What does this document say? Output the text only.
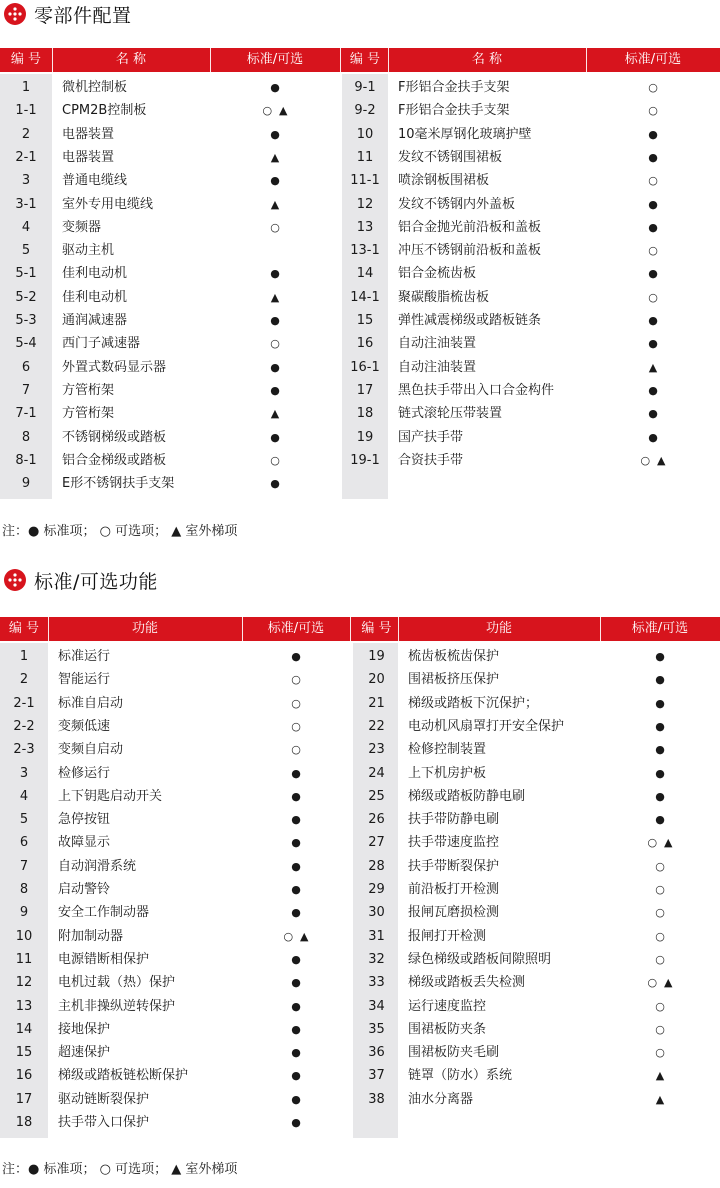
零部件配置
编 号	名 称	标准/可选	编 号	名 称	标准/可选
1	微机控制板	●
1-1	CPM2B控制板	○  ▲
2	电器装置	●
2-1	电器装置	▲
3	普通电缆线	●
3-1	室外专用电缆线	▲
4	变频器	○
5	驱动主机
5-1	佳利电动机	●
5-2	佳利电动机	▲
5-3	通润减速器	●
5-4	西门子减速器	○
6	外置式数码显示器	●
7	方管桁架	●
7-1	方管桁架	▲
8	不锈钢梯级或踏板	●
8-1	铝合金梯级或踏板	○
9	E形不锈钢扶手支架	●
9-1	F形铝合金扶手支架	○
9-2	F形铝合金扶手支架	○
10	10毫米厚钢化玻璃护壁	●
11	发纹不锈钢围裙板	●
11-1	喷涂钢板围裙板	○
12	发纹不锈钢内外盖板	●
13	铝合金抛光前沿板和盖板	●
13-1	冲压不锈钢前沿板和盖板	○
14	铝合金梳齿板	●
14-1	聚碳酸脂梳齿板	○
15	弹性减震梯级或踏板链条	●
16	自动注油装置	●
16-1	自动注油装置	▲
17	黑色扶手带出入口合金构件	●
18	链式滚轮压带装置	●
19	国产扶手带	●
19-1	合资扶手带	○  ▲
注：● 标准项； ○ 可选项； ▲ 室外梯项
标准/可选功能
编 号	功能	标准/可选	编 号	功能	标准/可选
1	标准运行	●
2	智能运行	○
2-1	标准自启动	○
2-2	变频低速	○
2-3	变频自启动	○
3	检修运行	●
4	上下钥匙启动开关	●
5	急停按钮	●
6	故障显示	●
7	自动润滑系统	●
8	启动警铃	●
9	安全工作制动器	●
10	附加制动器	○  ▲
11	电源错断相保护	●
12	电机过载（热）保护	●
13	主机非操纵逆转保护	●
14	接地保护	●
15	超速保护	●
16	梯级或踏板链松断保护	●
17	驱动链断裂保护	●
18	扶手带入口保护	●
19	梳齿板梳齿保护	●
20	围裙板挤压保护	●
21	梯级或踏板下沉保护；	●
22	电动机风扇罩打开安全保护	●
23	检修控制装置	●
24	上下机房护板	●
25	梯级或踏板防静电刷	●
26	扶手带防静电刷	●
27	扶手带速度监控	○  ▲
28	扶手带断裂保护	○
29	前沿板打开检测	○
30	报闸瓦磨损检测	○
31	报闸打开检测	○
32	绿色梯级或踏板间隙照明	○
33	梯级或踏板丢失检测	○  ▲
34	运行速度监控	○
35	围裙板防夹条	○
36	围裙板防夹毛刷	○
37	链罩（防水）系统	▲
38	油水分离器	▲
注：● 标准项； ○ 可选项； ▲ 室外梯项
